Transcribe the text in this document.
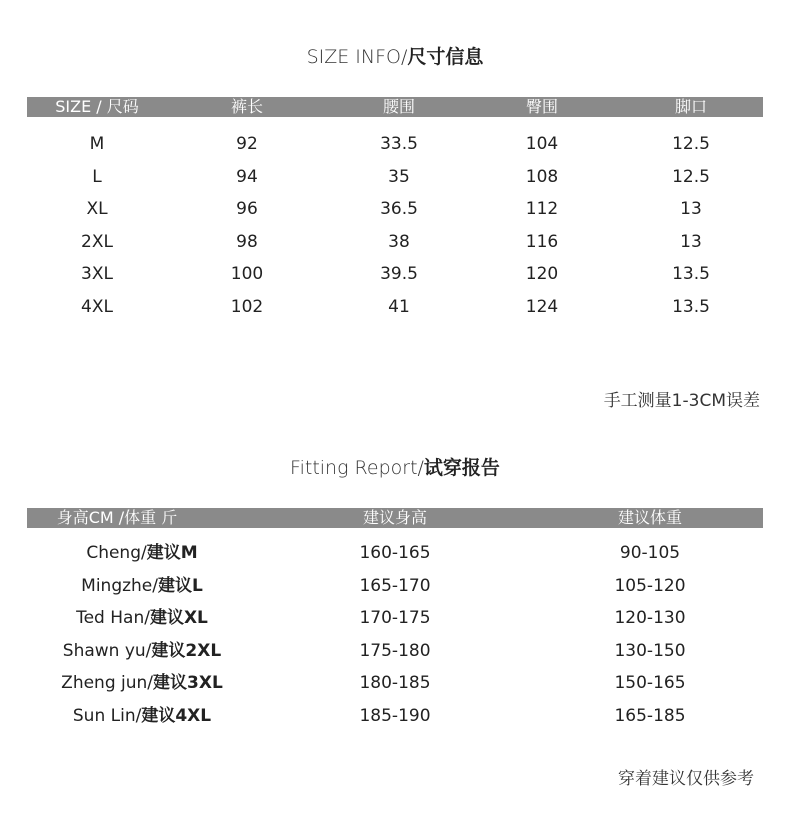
SIZE INFO/尺寸信息
SIZE / 尺码	裤长	腰围	臀围	脚口
M	92	33.5	104	12.5
L	94	35	108	12.5
XL	96	36.5	112	13
2XL	98	38	116	13
3XL	100	39.5	120	13.5
4XL	102	41	124	13.5
手工测量1-3CM误差
Fitting Report/试穿报告
身高CM /体重 斤	建议身高	建议体重
Cheng/建议M	160-165	90-105
Mingzhe/建议L	165-170	105-120
Ted Han/建议XL	170-175	120-130
Shawn yu/建议2XL	175-180	130-150
Zheng jun/建议3XL	180-185	150-165
Sun Lin/建议4XL	185-190	165-185
穿着建议仅供参考
